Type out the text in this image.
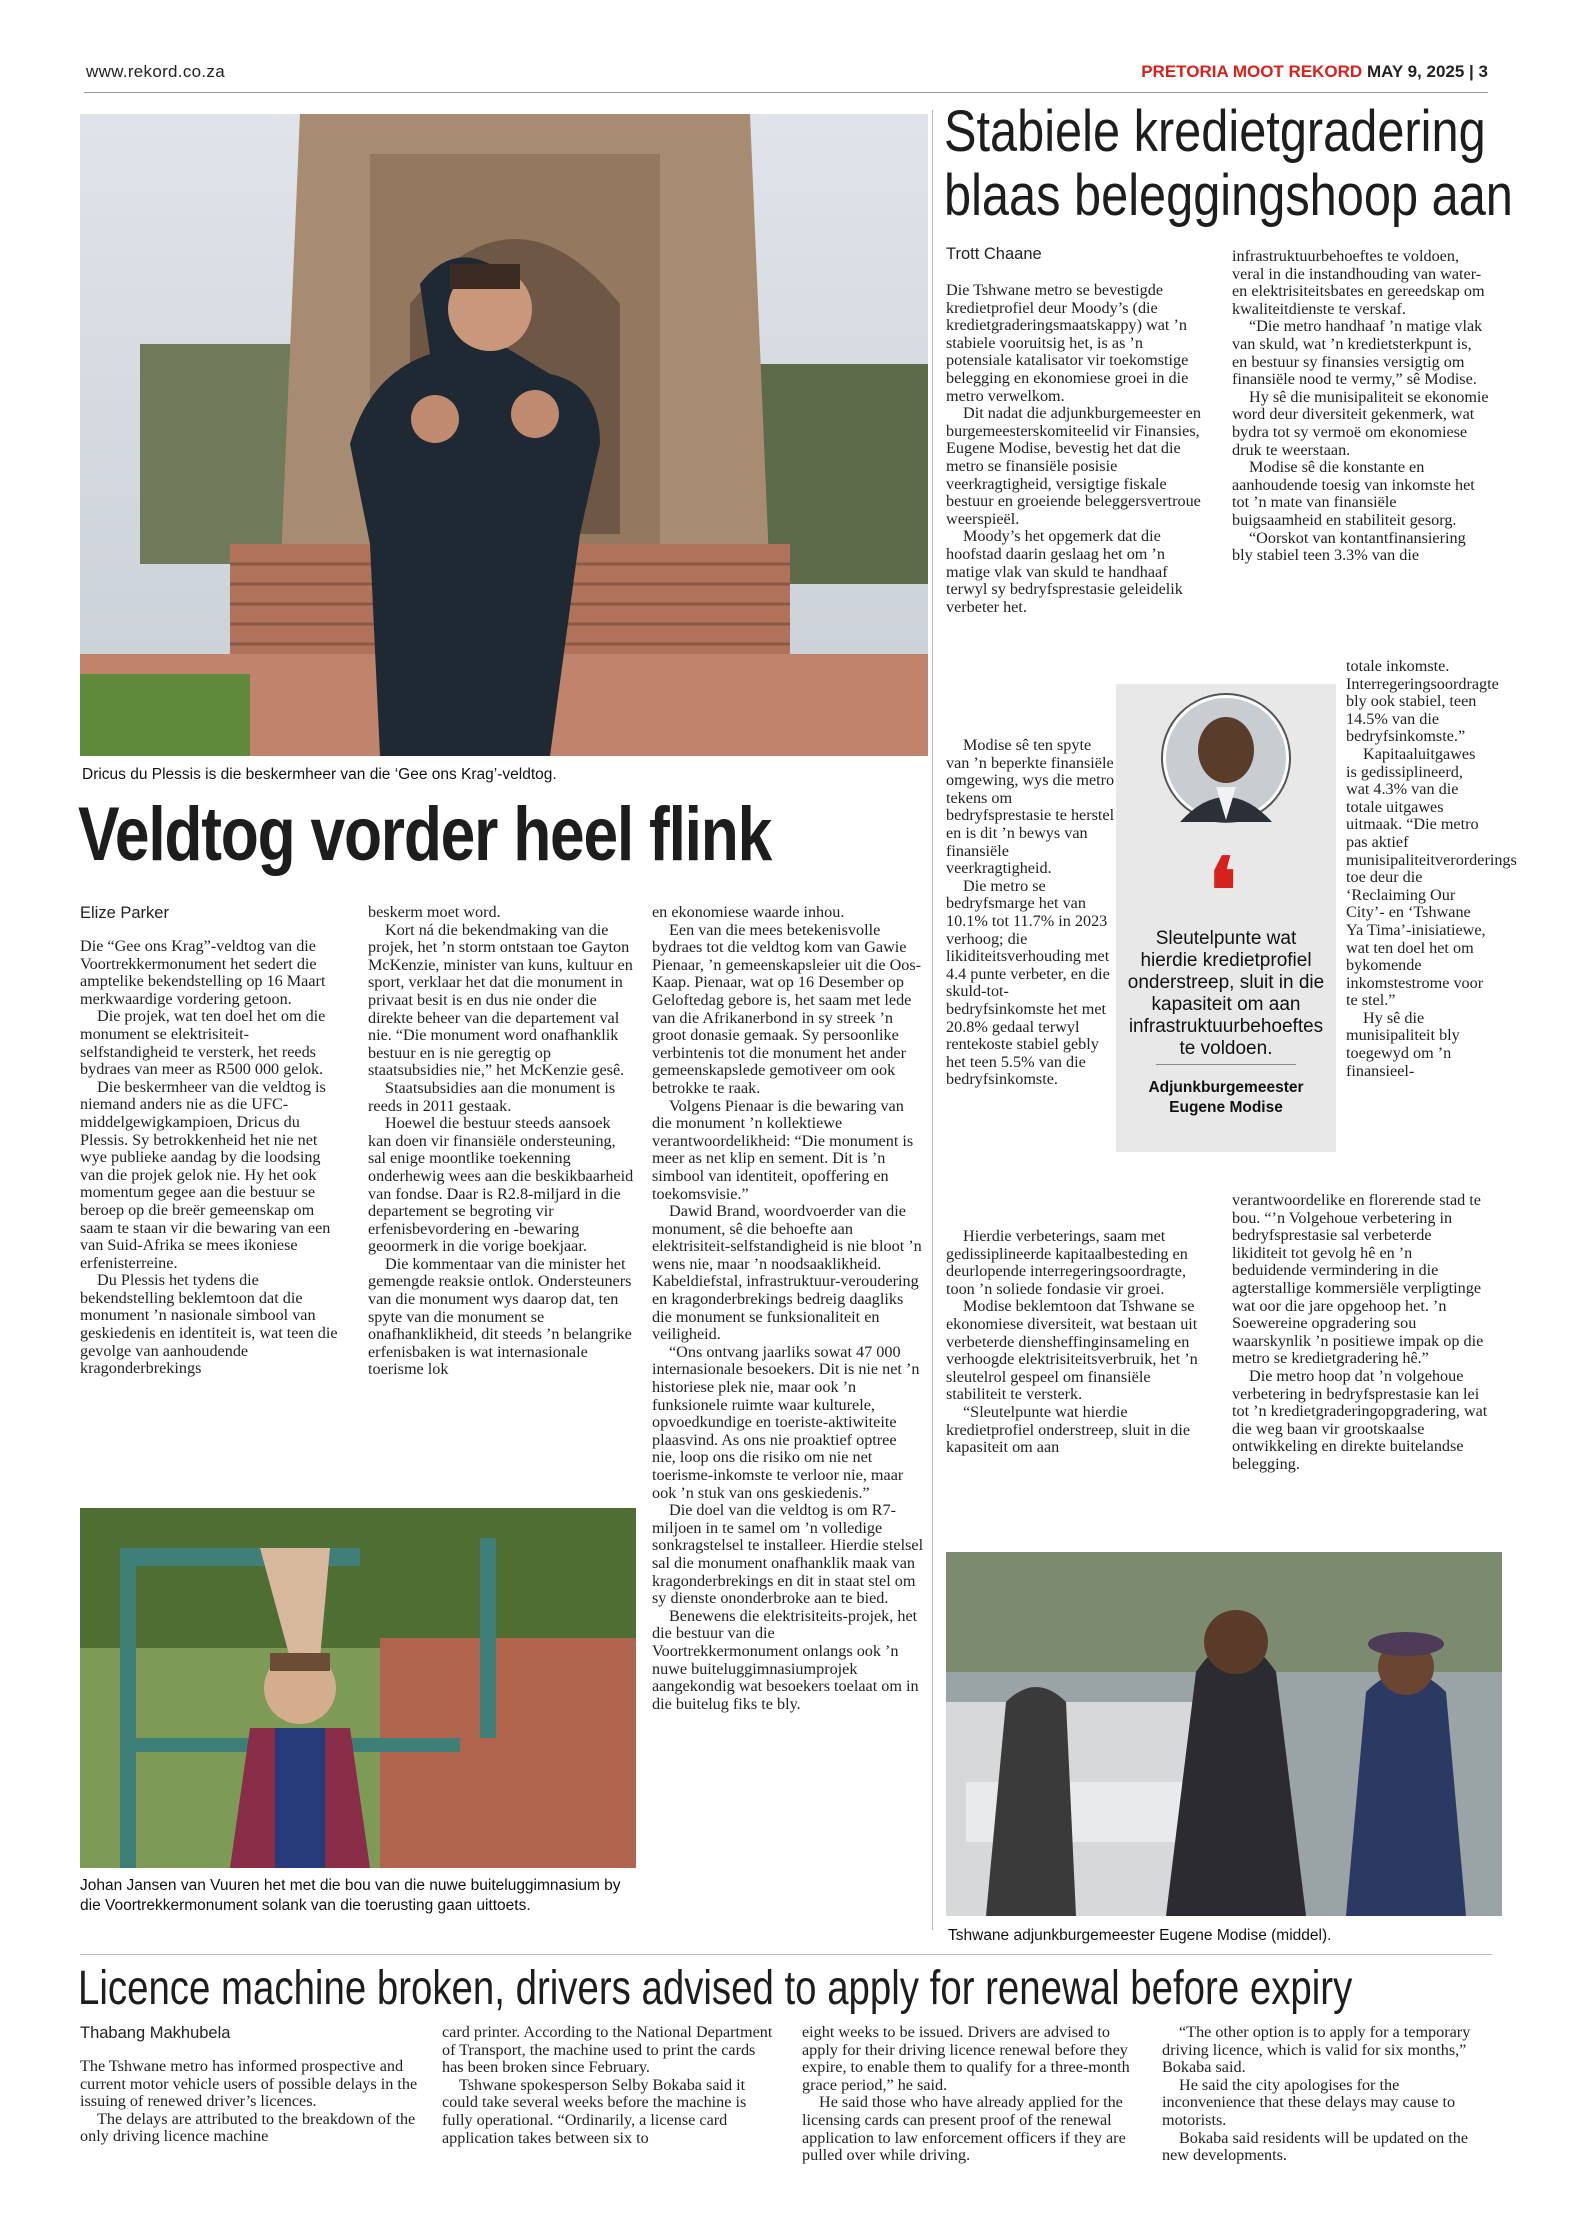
www.rekord.co.za	PRETORIA MOOT REKORD MAY 9, 2025 | 3
Dricus du Plessis is die beskermheer van die ‘Gee ons Krag’-veldtog.
Veldtog vorder heel flink
Elize Parker

Die “Gee ons Krag”-veldtog van die Voortrekkermonument het sedert die amptelike bekendstelling op 16 Maart merkwaardige vordering getoon.

Die projek, wat ten doel het om die monument se elektrisiteit-selfstandigheid te versterk, het reeds bydraes van meer as R500 000 gelok.

Die beskermheer van die veldtog is niemand anders nie as die UFC-middelgewigkampioen, Dricus du Plessis. Sy betrokkenheid het nie net wye publieke aandag by die loodsing van die projek gelok nie. Hy het ook momentum gegee aan die bestuur se beroep op die breër gemeenskap om saam te staan vir die bewaring van een van Suid-Afrika se mees ikoniese erfenisterreine.

Du Plessis het tydens die bekendstelling beklemtoon dat die monument ’n nasionale simbool van geskiedenis en identiteit is, wat teen die gevolge van aanhoudende kragonderbrekings

beskerm moet word.

Kort ná die bekendmaking van die projek, het ’n storm ontstaan toe Gayton McKenzie, minister van kuns, kultuur en sport, verklaar het dat die monument in privaat besit is en dus nie onder die direkte beheer van die departement val nie. “Die monument word onafhanklik bestuur en is nie geregtig op staatsubsidies nie,” het McKenzie gesê.

Staatsubsidies aan die monument is reeds in 2011 gestaak.

Hoewel die bestuur steeds aansoek kan doen vir finansiële ondersteuning, sal enige moontlike toekenning onderhewig wees aan die beskikbaarheid van fondse. Daar is R2.8-miljard in die departement se begroting vir erfenisbevordering en -bewaring geoormerk in die vorige boekjaar.

Die kommentaar van die minister het gemengde reaksie ontlok. Ondersteuners van die monument wys daarop dat, ten spyte van die monument se onafhanklikheid, dit steeds ’n belangrike erfenisbaken is wat internasionale toerisme lok

en ekonomiese waarde inhou.

Een van die mees betekenisvolle bydraes tot die veldtog kom van Gawie Pienaar, ’n gemeenskapsleier uit die Oos-Kaap. Pienaar, wat op 16 Desember op Geloftedag gebore is, het saam met lede van die Afrikanerbond in sy streek ’n groot donasie gemaak. Sy persoonlike verbintenis tot die monument het ander gemeenskapslede gemotiveer om ook betrokke te raak.

Volgens Pienaar is die bewaring van die monument ’n kollektiewe verantwoordelikheid: “Die monument is meer as net klip en sement. Dit is ’n simbool van identiteit, opoffering en toekomsvisie.”

Dawid Brand, woordvoerder van die monument, sê die behoefte aan elektrisiteit-selfstandigheid is nie bloot ’n wens nie, maar ’n noodsaaklikheid. Kabeldiefstal, infrastruktuur-veroudering en kragonderbrekings bedreig daagliks die monument se funksionaliteit en veiligheid.

“Ons ontvang jaarliks sowat 47 000 internasionale besoekers. Dit is nie net ’n historiese plek nie, maar ook ’n funksionele ruimte waar kulturele, opvoedkundige en toeriste-aktiwiteite plaasvind. As ons nie proaktief optree nie, loop ons die risiko om nie net toerisme-inkomste te verloor nie, maar ook ’n stuk van ons geskiedenis.”

Die doel van die veldtog is om R7-miljoen in te samel om ’n volledige sonkragstelsel te installeer. Hierdie stelsel sal die monument onafhanklik maak van kragonderbrekings en dit in staat stel om sy dienste ononderbroke aan te bied.

Benewens die elektrisiteits-projek, het die bestuur van die Voortrekkermonument onlangs ook ’n nuwe buiteluggimnasiumprojek aangekondig wat besoekers toelaat om in die buitelug fiks te bly.

Johan Jansen van Vuuren het met die bou van die nuwe buiteluggimnasium by die Voortrekkermonument solank van die toerusting gaan uittoets.
Stabiele kredietgradering
blaas beleggingshoop aan
Trott Chaane

Die Tshwane metro se bevestigde kredietprofiel deur Moody’s (die kredietgraderingsmaatskappy) wat ’n stabiele vooruitsig het, is as ’n potensiale katalisator vir toekomstige belegging en ekonomiese groei in die metro verwelkom.

Dit nadat die adjunkburgemeester en burgemeesterskomiteelid vir Finansies, Eugene Modise, bevestig het dat die metro se finansiële posisie veerkragtigheid, versigtige fiskale bestuur en groeiende beleggersvertroue weerspieël.

Moody’s het opgemerk dat die hoofstad daarin geslaag het om ’n matige vlak van skuld te handhaaf terwyl sy bedryfsprestasie geleidelik verbeter het.

Modise sê ten spyte van ’n beperkte finansiële omgewing, wys die metro tekens om bedryfsprestasie te herstel en is dit ’n bewys van finansiële veerkragtigheid.

Die metro se bedryfsmarge het van 10.1% tot 11.7% in 2023 verhoog; die likiditeitsverhouding met 4.4 punte verbeter, en die skuld-tot-bedryfsinkomste het met 20.8% gedaal terwyl rentekoste stabiel gebly het teen 5.5% van die bedryfsinkomste.

Hierdie verbeterings, saam met gedissiplineerde kapitaalbesteding en deurlopende interregeringsoordragte, toon ’n soliede fondasie vir groei.

Modise beklemtoon dat Tshwane se ekonomiese diversiteit, wat bestaan uit verbeterde diensheffinginsameling en verhoogde elektrisiteitsverbruik, het ’n sleutelrol gespeel om finansiële stabiliteit te versterk.

“Sleutelpunte wat hierdie kredietprofiel onderstreep, sluit in die kapasiteit om aan

infrastruktuurbehoeftes te voldoen, veral in die instandhouding van water- en elektrisiteitsbates en gereedskap om kwaliteitdienste te verskaf.

“Die metro handhaaf ’n matige vlak van skuld, wat ’n kredietsterkpunt is, en bestuur sy finansies versigtig om finansiële nood te vermy,” sê Modise.

Hy sê die munisipaliteit se ekonomie word deur diversiteit gekenmerk, wat bydra tot sy vermoë om ekonomiese druk te weerstaan.

Modise sê die konstante en aanhoudende toesig van inkomste het tot ’n mate van finansiële buigsaamheid en stabiliteit gesorg.

“Oorskot van kontantfinansiering bly stabiel teen 3.3% van die

totale inkomste. Interregeringsoordragte bly ook stabiel, teen 14.5% van die bedryfsinkomste.”

Kapitaaluitgawes is gedissiplineerd, wat 4.3% van die totale uitgawes uitmaak. “Die metro pas aktief munisipaliteitverorderings toe deur die ‘Reclaiming Our City’- en ‘Tshwane Ya Tima’-inisiatiewe, wat ten doel het om bykomende inkomstestrome voor te stel.”

Hy sê die munisipaliteit bly toegewyd om ’n finansieel-

verantwoordelike en florerende stad te bou. “’n Volgehoue verbetering in bedryfsprestasie sal verbeterde likiditeit tot gevolg hê en ’n beduidende vermindering in die agterstallige kommersiële verpligtinge wat oor die jare opgehoop het. ’n Soewereine opgradering sou waarskynlik ’n positiewe impak op die metro se kredietgradering hê.”

Die metro hoop dat ’n volgehoue verbetering in bedryfsprestasie kan lei tot ’n kredietgraderingopgradering, wat die weg baan vir grootskaalse ontwikkeling en direkte buitelandse belegging.

❛
Sleutelpunte wat hierdie kredietprofiel onderstreep, sluit in die kapasiteit om aan infrastruktuurbehoeftes te voldoen.
Adjunkburgemeester
Eugene Modise
Tshwane adjunkburgemeester Eugene Modise (middel).
Licence machine broken, drivers advised to apply for renewal before expiry
Thabang Makhubela

The Tshwane metro has informed prospective and current motor vehicle users of possible delays in the issuing of renewed driver’s licences.

The delays are attributed to the breakdown of the only driving licence machine

card printer. According to the National Department of Transport, the machine used to print the cards has been broken since February.

Tshwane spokesperson Selby Bokaba said it could take several weeks before the machine is fully operational. “Ordinarily, a license card application takes between six to

eight weeks to be issued. Drivers are advised to apply for their driving licence renewal before they expire, to enable them to qualify for a three-month grace period,” he said.

He said those who have already applied for the licensing cards can present proof of the renewal application to law enforcement officers if they are pulled over while driving.

“The other option is to apply for a temporary driving licence, which is valid for six months,” Bokaba said.

He said the city apologises for the inconvenience that these delays may cause to motorists.

Bokaba said residents will be updated on the new developments.
